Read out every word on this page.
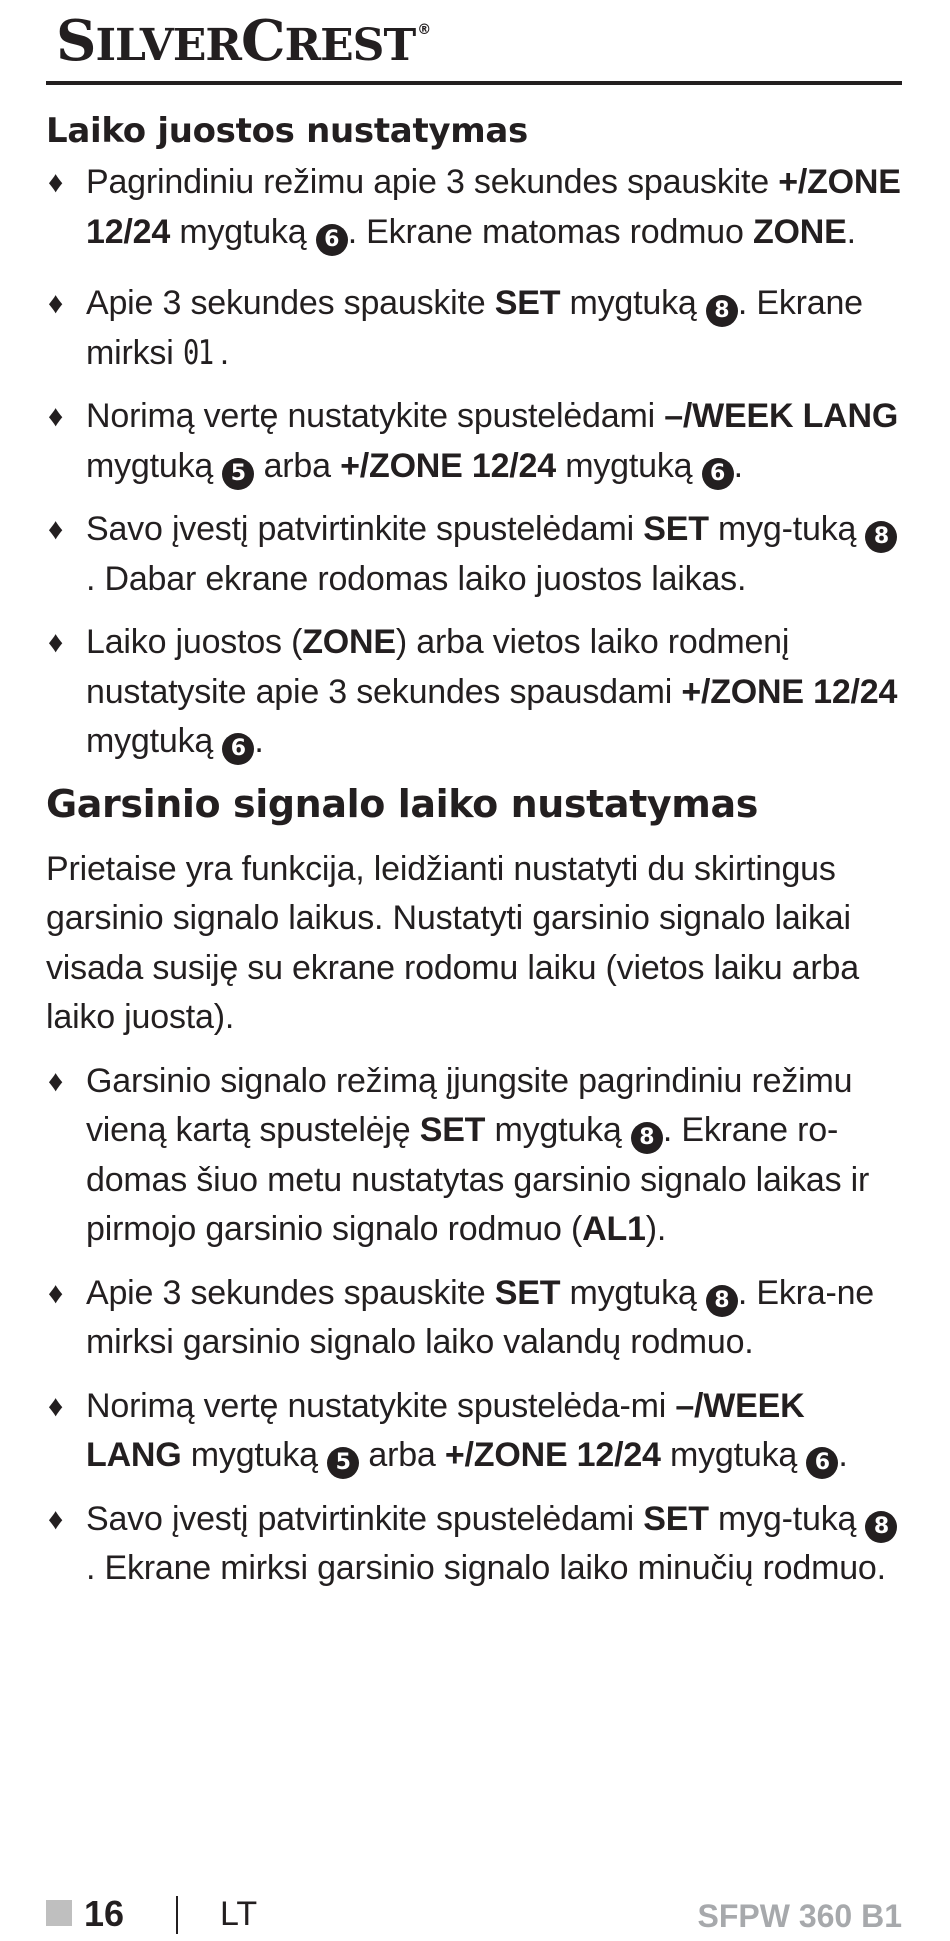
SILVERCREST ®
Laiko juostos nustatymas
♦ Pagrindiniu režimu apie 3 sekundes spauskite +/ZONE 12/24 mygtuką 6 . Ekrane matomas rodmuo ZONE.
♦ Apie 3 sekundes spauskite SET mygtuką 8 . Ekrane mirksi 01 .
♦ Norimą vertę nustatykite spustelėdami –/WEEK LANG mygtuką 5 arba +/ZONE 12/24 mygtuką 6 .
♦ Savo įvestį patvirtinkite spustelėdami SET myg-tuką 8. Dabar ekrane rodomas laiko juostos laikas.
♦ Laiko juostos (ZONE) arba vietos laiko rodmenį nustatysite apie 3 sekundes spausdami +/ZONE 12/24 mygtuką 6 .
Garsinio signalo laiko nustatymas

Prietaise yra funkcija, leidžianti nustatyti du skirtingus garsinio signalo laikus. Nustatyti garsinio signalo laikai visada susiję su ekrane rodomu laiku (vietos laiku arba laiko juosta).

♦ Garsinio signalo režimą įjungsite pagrindiniu režimu vieną kartą spustelėję SET mygtuką 8 . Ekrane ro-domas šiuo metu nustatytas garsinio signalo laikas ir pirmojo garsinio signalo rodmuo (AL1).
♦ Apie 3 sekundes spauskite SET mygtuką 8 . Ekra-ne mirksi garsinio signalo laiko valandų rodmuo.
♦ Norimą vertę nustatykite spustelėda-mi –/WEEK LANG mygtuką 5 arba +/ZONE 12/24 mygtuką 6 .
♦ Savo įvestį patvirtinkite spustelėdami SET myg-tuką 8. Ekrane mirksi garsinio signalo laiko minučių rodmuo.
16	LT	SFPW 360 B1
